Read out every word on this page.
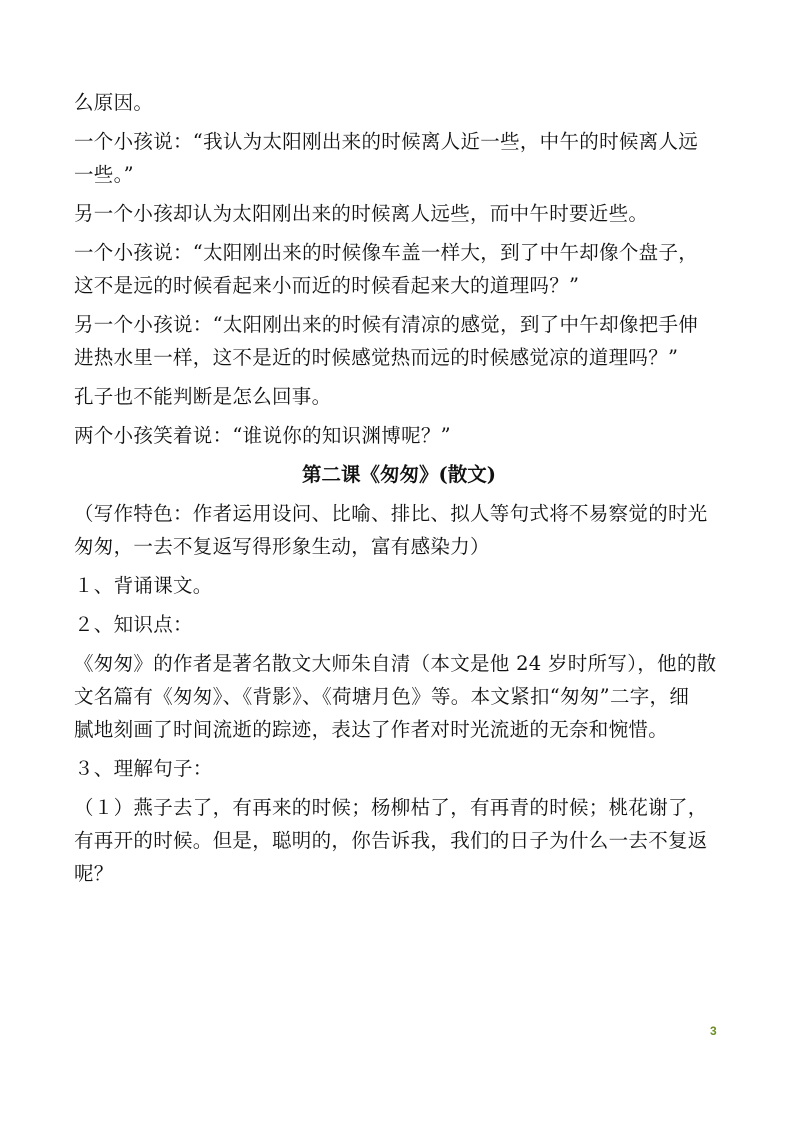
么原因。
一个小孩说：“我认为太阳刚出来的时候离人近一些，中午的时候离人远
一些。”
另一个小孩却认为太阳刚出来的时候离人远些，而中午时要近些。
一个小孩说：“太阳刚出来的时候像车盖一样大，到了中午却像个盘子，
这不是远的时候看起来小而近的时候看起来大的道理吗？”
另一个小孩说：“太阳刚出来的时候有清凉的感觉，到了中午却像把手伸
进热水里一样，这不是近的时候感觉热而远的时候感觉凉的道理吗？”
孔子也不能判断是怎么回事。
两个小孩笑着说：“谁说你的知识渊博呢？”
第二课《匆匆》(散文)
（写作特色：作者运用设问、比喻、排比、拟人等句式将不易察觉的时光
匆匆，一去不复返写得形象生动，富有感染力）
１、背诵课文。
２、知识点：
《匆匆》的作者是著名散文大师朱自清（本文是他 24 岁时所写），他的散
文名篇有《匆匆》、《背影》、《荷塘月色》等。本文紧扣“匆匆”二字，细
腻地刻画了时间流逝的踪迹，表达了作者对时光流逝的无奈和惋惜。
３、理解句子：
（１）燕子去了，有再来的时候；杨柳枯了，有再青的时候；桃花谢了，
有再开的时候。但是，聪明的，你告诉我，我们的日子为什么一去不复返
呢？
3
